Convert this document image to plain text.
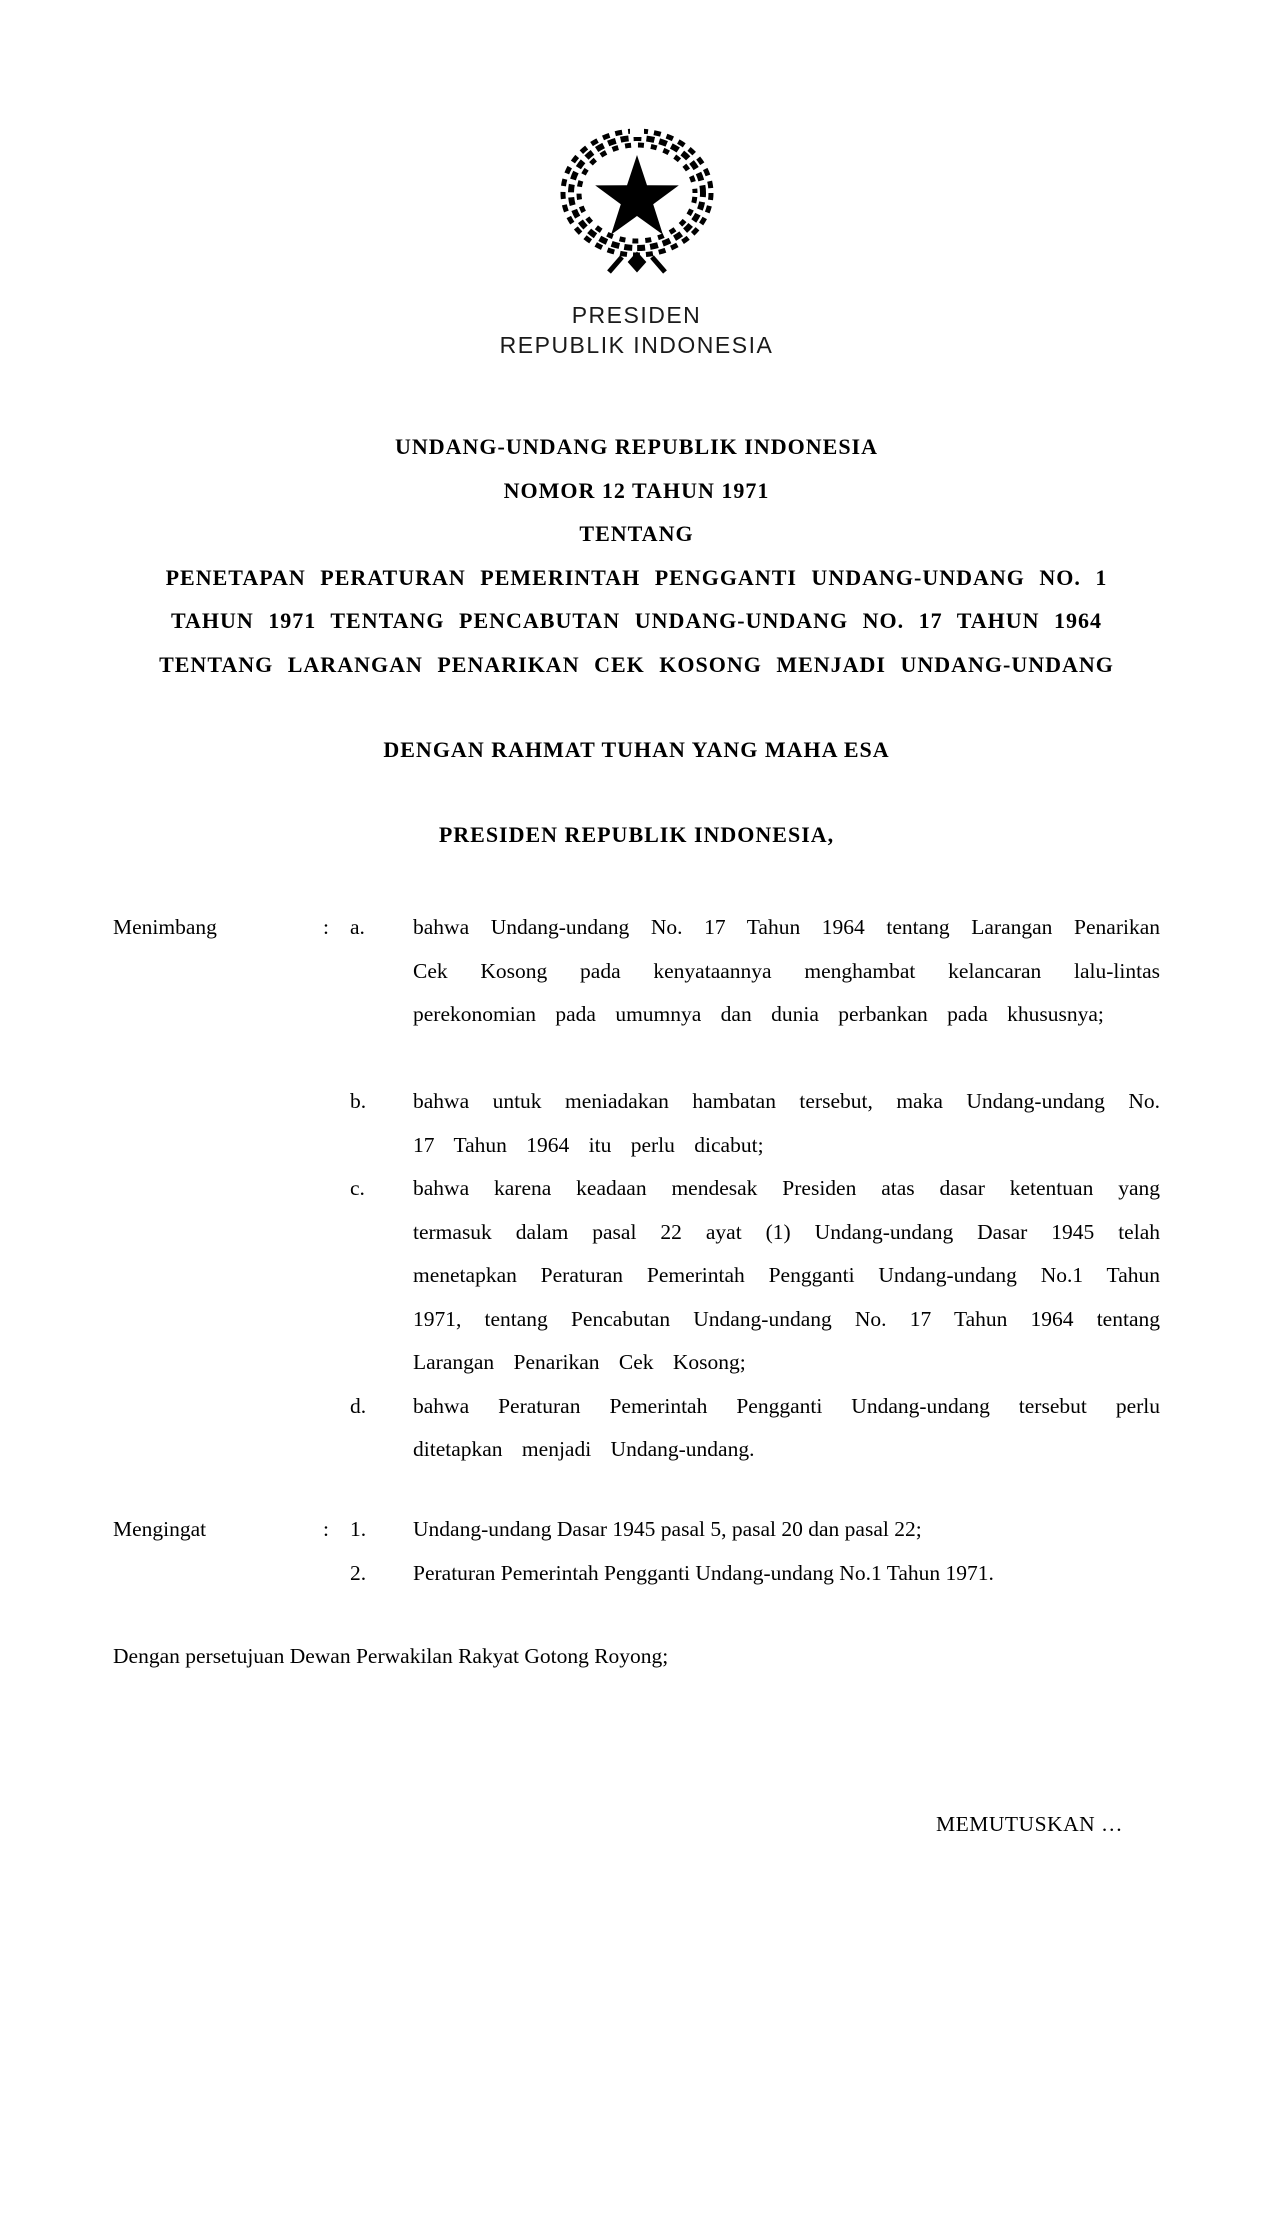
PRESIDEN
REPUBLIK INDONESIA
UNDANG-UNDANG REPUBLIK INDONESIA
NOMOR 12 TAHUN 1971
TENTANG
PENETAPAN PERATURAN PEMERINTAH PENGGANTI UNDANG-UNDANG NO. 1
TAHUN 1971 TENTANG PENCABUTAN UNDANG-UNDANG NO. 17 TAHUN 1964
TENTANG LARANGAN PENARIKAN CEK KOSONG MENJADI UNDANG-UNDANG
DENGAN RAHMAT TUHAN YANG MAHA ESA
PRESIDEN REPUBLIK INDONESIA,
Menimbang	: a.	bahwa Undang-undang No. 17 Tahun 1964 tentang Larangan Penarikan Cek Kosong pada kenyataannya menghambat kelancaran lalu-lintas perekonomian pada umumnya dan dunia perbankan pada khususnya;
b.	bahwa untuk meniadakan hambatan tersebut, maka Undang-undang No. 17 Tahun 1964 itu perlu dicabut;
c.	bahwa karena keadaan mendesak Presiden atas dasar ketentuan yang termasuk dalam pasal 22 ayat (1) Undang-undang Dasar 1945 telah menetapkan Peraturan Pemerintah Pengganti Undang-undang No.1 Tahun 1971, tentang Pencabutan Undang-undang No. 17 Tahun 1964 tentang Larangan Penarikan Cek Kosong;
d.	bahwa Peraturan Pemerintah Pengganti Undang-undang tersebut perlu ditetapkan menjadi Undang-undang.
Mengingat	: 1.	Undang-undang Dasar 1945 pasal 5, pasal 20 dan pasal 22;
2.	Peraturan Pemerintah Pengganti Undang-undang No.1 Tahun 1971.
Dengan persetujuan Dewan Perwakilan Rakyat Gotong Royong;
MEMUTUSKAN …
